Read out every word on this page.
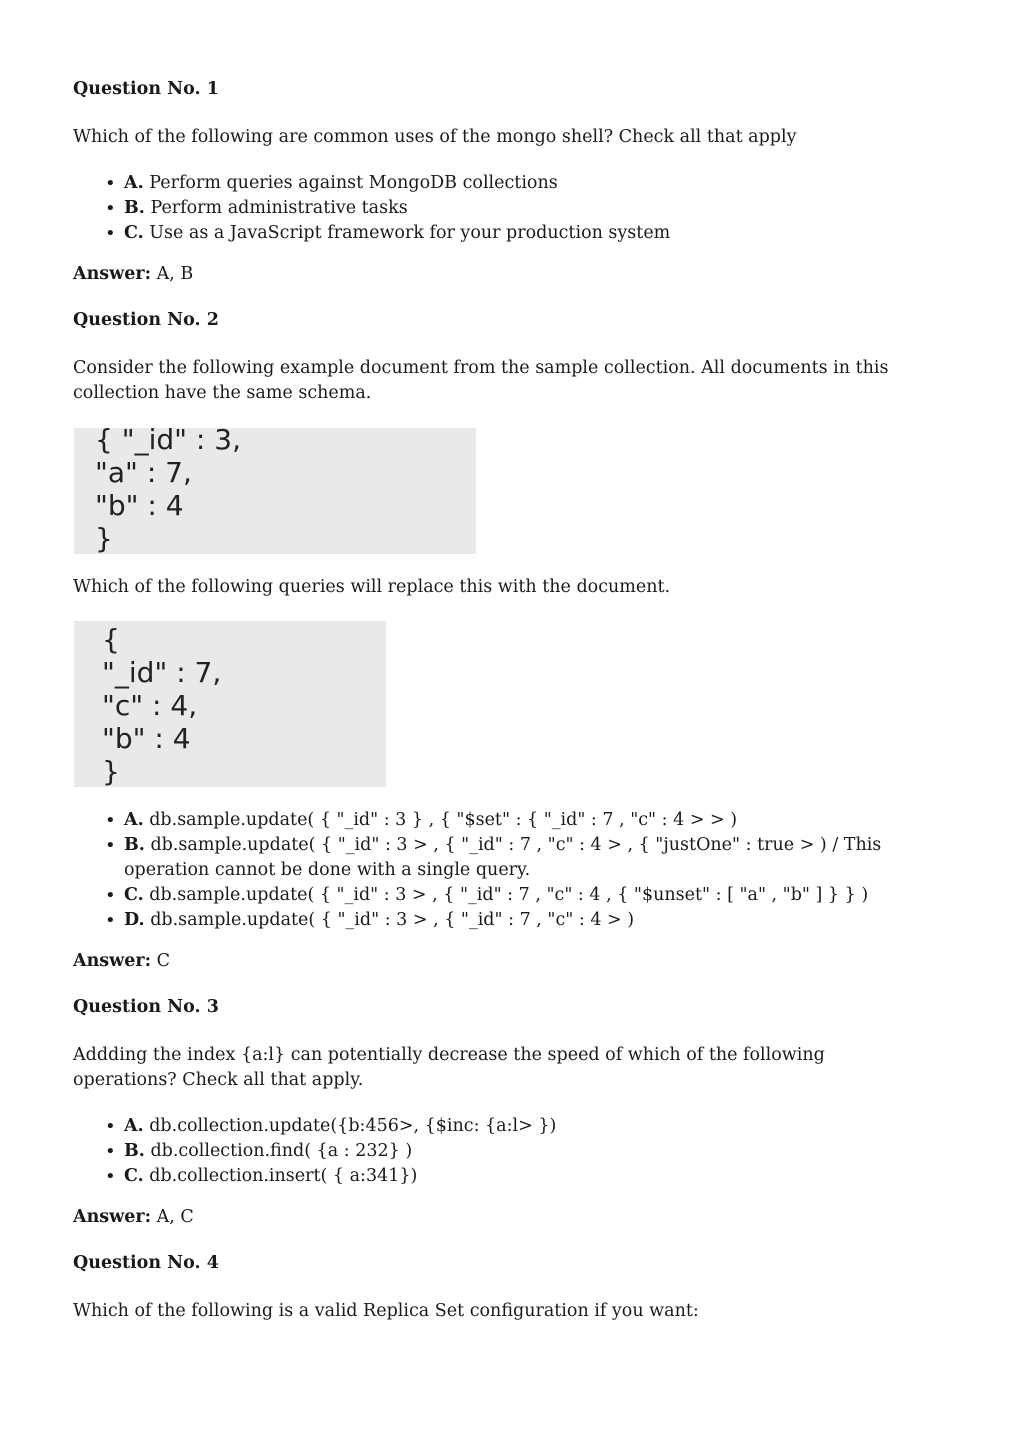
Question No. 1
Which of the following are common uses of the mongo shell? Check all that apply
• A. Perform queries against MongoDB collections
• B. Perform administrative tasks
• C. Use as a JavaScript framework for your production system
Answer: A, B
Question No. 2
Consider the following example document from the sample collection. All documents in this collection have the same schema.
{ "_id" : 3,
"a" : 7,
"b" : 4
}
Which of the following queries will replace this with the document.
{
"_id" : 7,
"c" : 4,
"b" : 4
}
• A. db.sample.update( { "_id" : 3 } , { "$set" : { "_id" : 7 , "c" : 4 > > )
• B. db.sample.update( { "_id" : 3 > , { "_id" : 7 , "c" : 4 > , { "justOne" : true > ) / This operation cannot be done with a single query.
• C. db.sample.update( { "_id" : 3 > , { "_id" : 7 , "c" : 4 , { "$unset" : [ "a" , "b" ] } } )
• D. db.sample.update( { "_id" : 3 > , { "_id" : 7 , "c" : 4 > )
Answer: C
Question No. 3
Addding the index {a:l} can potentially decrease the speed of which of the following operations? Check all that apply.
• A. db.collection.update({b:456>, {$inc: {a:l> })
• B. db.collection.find( {a : 232} )
• C. db.collection.insert( { a:341})
Answer: A, C
Question No. 4
Which of the following is a valid Replica Set configuration if you want:
